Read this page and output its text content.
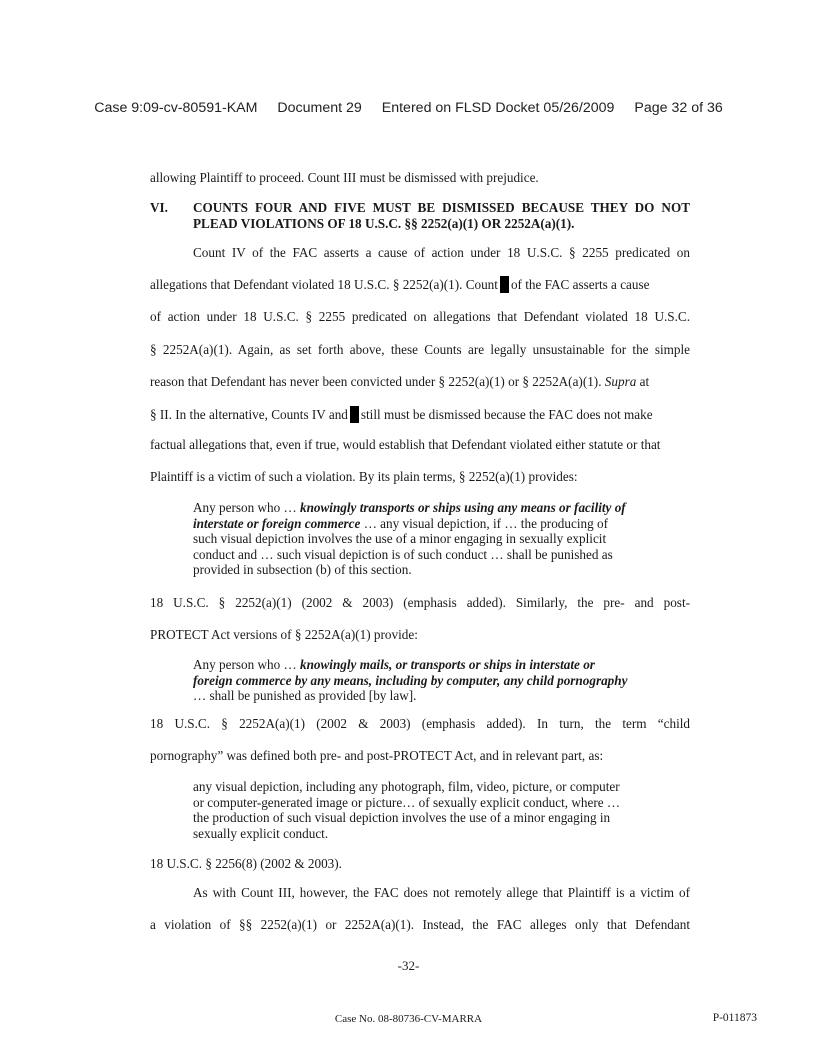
Case 9:09-cv-80591-KAM Document 29 Entered on FLSD Docket 05/26/2009 Page 32 of 36
allowing Plaintiff to proceed. Count III must be dismissed with prejudice.
VI. COUNTS FOUR AND FIVE MUST BE DISMISSED BECAUSE THEY DO NOT
PLEAD VIOLATIONS OF 18 U.S.C. §§ 2252(a)(1) OR 2252A(a)(1).
Count IV of the FAC asserts a cause of action under 18 U.S.C. § 2255 predicated on
allegations that Defendant violated 18 U.S.C. § 2252(a)(1). Count of the FAC asserts a cause
of action under 18 U.S.C. § 2255 predicated on allegations that Defendant violated 18 U.S.C.
§ 2252A(a)(1). Again, as set forth above, these Counts are legally unsustainable for the simple
reason that Defendant has never been convicted under § 2252(a)(1) or § 2252A(a)(1). Supra at
§ II. In the alternative, Counts IV and still must be dismissed because the FAC does not make
factual allegations that, even if true, would establish that Defendant violated either statute or that
Plaintiff is a victim of such a violation. By its plain terms, § 2252(a)(1) provides:
Any person who … knowingly transports or ships using any means or facility of
interstate or foreign commerce … any visual depiction, if … the producing of
such visual depiction involves the use of a minor engaging in sexually explicit
conduct and … such visual depiction is of such conduct … shall be punished as
provided in subsection (b) of this section.
18 U.S.C. § 2252(a)(1) (2002 & 2003) (emphasis added). Similarly, the pre- and post-
PROTECT Act versions of § 2252A(a)(1) provide:
Any person who … knowingly mails, or transports or ships in interstate or
foreign commerce by any means, including by computer, any child pornography
… shall be punished as provided [by law].
18 U.S.C. § 2252A(a)(1) (2002 & 2003) (emphasis added). In turn, the term “child
pornography” was defined both pre- and post-PROTECT Act, and in relevant part, as:
any visual depiction, including any photograph, film, video, picture, or computer
or computer-generated image or picture… of sexually explicit conduct, where …
the production of such visual depiction involves the use of a minor engaging in
sexually explicit conduct.
18 U.S.C. § 2256(8) (2002 & 2003).
As with Count III, however, the FAC does not remotely allege that Plaintiff is a victim of
a violation of §§ 2252(a)(1) or 2252A(a)(1). Instead, the FAC alleges only that Defendant
-32-
Case No. 08-80736-CV-MARRA	P-011873
